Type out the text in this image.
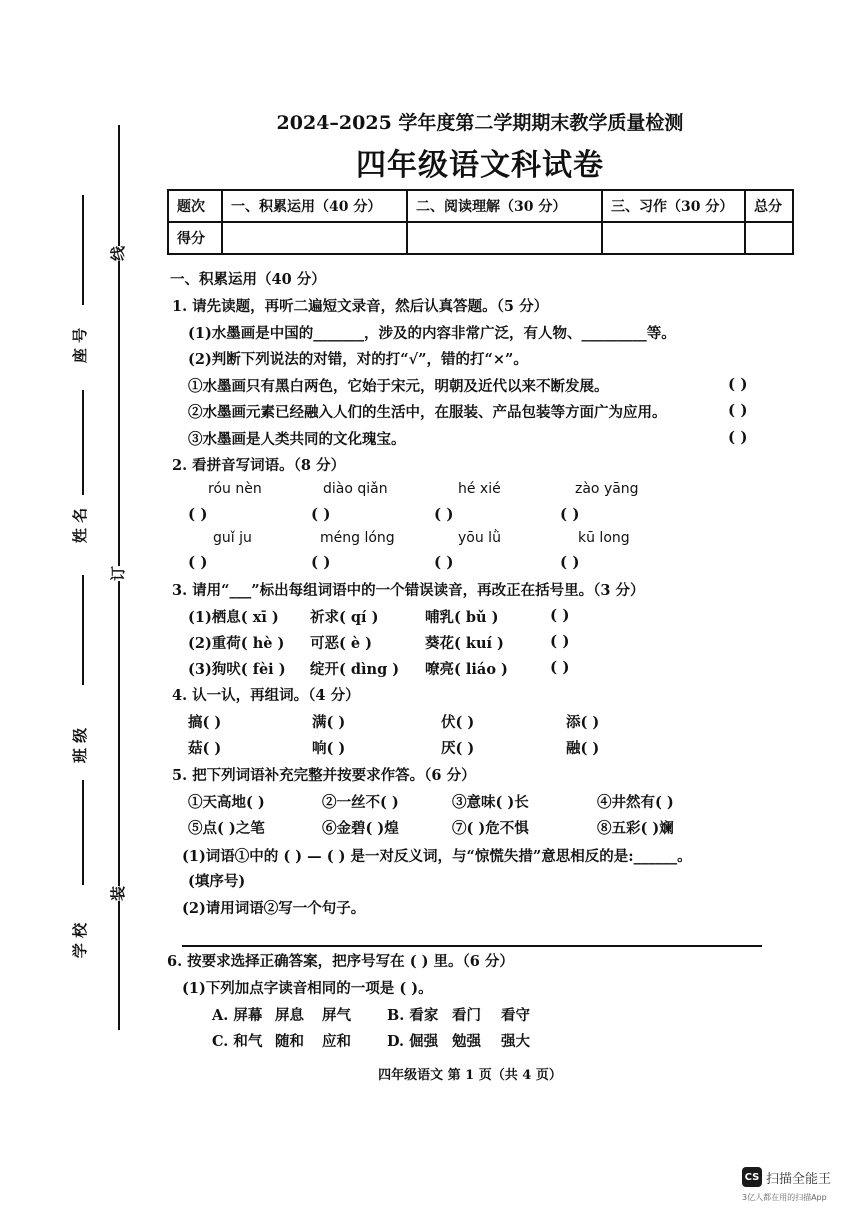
座 号
姓 名
班 级
学 校
线
订
装
2024–2025 学年度第二学期期末教学质量检测
四年级语文科试卷
题次	一、积累运用（40 分）	二、阅读理解（30 分）	三、习作（30 分）	总分
得分				
一、积累运用（40 分）
1. 请先读题，再听二遍短文录音，然后认真答题。（5 分）
(1)水墨画是中国的_______，涉及的内容非常广泛，有人物、_________等。
(2)判断下列说法的对错，对的打“√”，错的打“×”。
①水墨画只有黑白两色，它始于宋元，明朝及近代以来不断发展。	( )
②水墨画元素已经融入人们的生活中，在服装、产品包装等方面广为应用。	( )
③水墨画是人类共同的文化瑰宝。	( )
2. 看拼音写词语。（8 分）
róu nèn	diào qiǎn	hé xié	zào yāng
( )	( )	( )	( )
guǐ ju	méng lóng	yōu lǜ	kū long
( )	( )	( )	( )
3. 请用“___”标出每组词语中的一个错误读音，再改正在括号里。（3 分）
(1)栖息( xī ) 祈求( qí )	哺乳( bǔ )	( )
(2)重荷( hè ) 可恶( è )	葵花( kuí )	( )
(3)狗吠( fèi ) 绽开( dìng ) 嘹亮( liáo )	( )
4. 认一认，再组词。（4 分）
搞( )	满( )	伏( )	添( )
菇( )	响( )	厌( )	融( )
5. 把下列词语补充完整并按要求作答。（6 分）
①天高地( )	②一丝不( )	③意味( )长	④井然有( )
⑤点( )之笔	⑥金碧( )煌	⑦( )危不惧	⑧五彩( )斓
(1)词语①中的 ( ) — ( ) 是一对反义词，与“惊慌失措”意思相反的是:______。
(填序号)
(2)请用词语②写一个句子。
6. 按要求选择正确答案，把序号写在 ( ) 里。（6 分）
(1)下列加点字读音相同的一项是 ( )。
A. 屏幕 屏息 屏气 B. 看家 看门 看守
C. 和气 随和 应和 D. 倔强 勉强 强大
四年级语文 第 1 页（共 4 页）
CS 扫描全能王
3亿人都在用的扫描App
